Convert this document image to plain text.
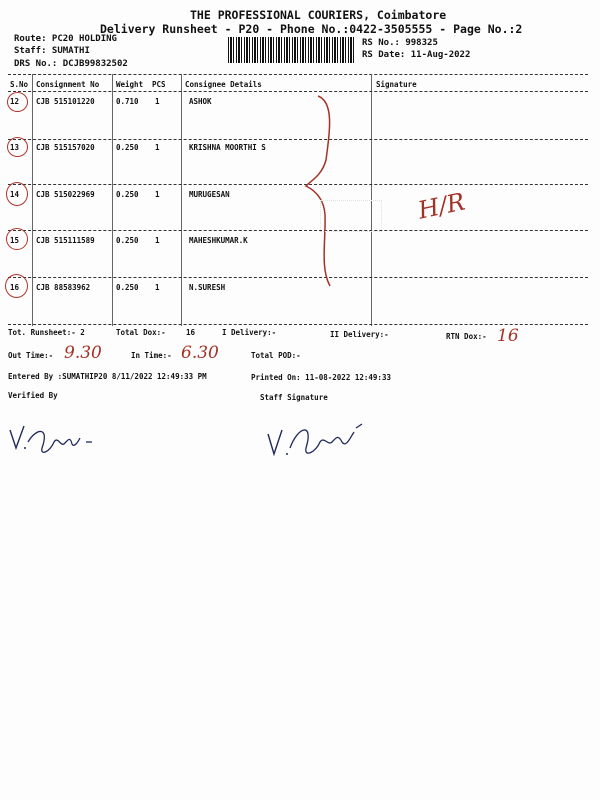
THE PROFESSIONAL COURIERS, Coimbatore
Delivery Runsheet - P20 - Phone No.:0422-3505555 - Page No.:2
Route: PC20 HOLDING
Staff: SUMATHI
DRS No.: DCJB99832502
RS No.: 998325
RS Date: 11-Aug-2022
S.No Consignment No Weight PCS	Consignee Details	Signature
12 CJB 515101220	0.710 1	ASHOK
13 CJB 515157020	0.250 1	KRISHNA MOORTHI S
14 CJB 515022969	0.250 1	MURUGESAN
15 CJB 515111589	0.250 1	MAHESHKUMAR.K
16 CJB 88583962	0.250 1	N.SURESH
H/R
Tot. Runsheet:- 2	Total Dox:-	16	I Delivery:-	II Delivery:-	RTN Dox:- 16
Out Time:- 9.30	In Time:- 6.30	Total POD:-
Entered By :SUMATHIP20 8/11/2022 12:49:33 PM	Printed On: 11-08-2022 12:49:33
Verified By	Staff Signature
